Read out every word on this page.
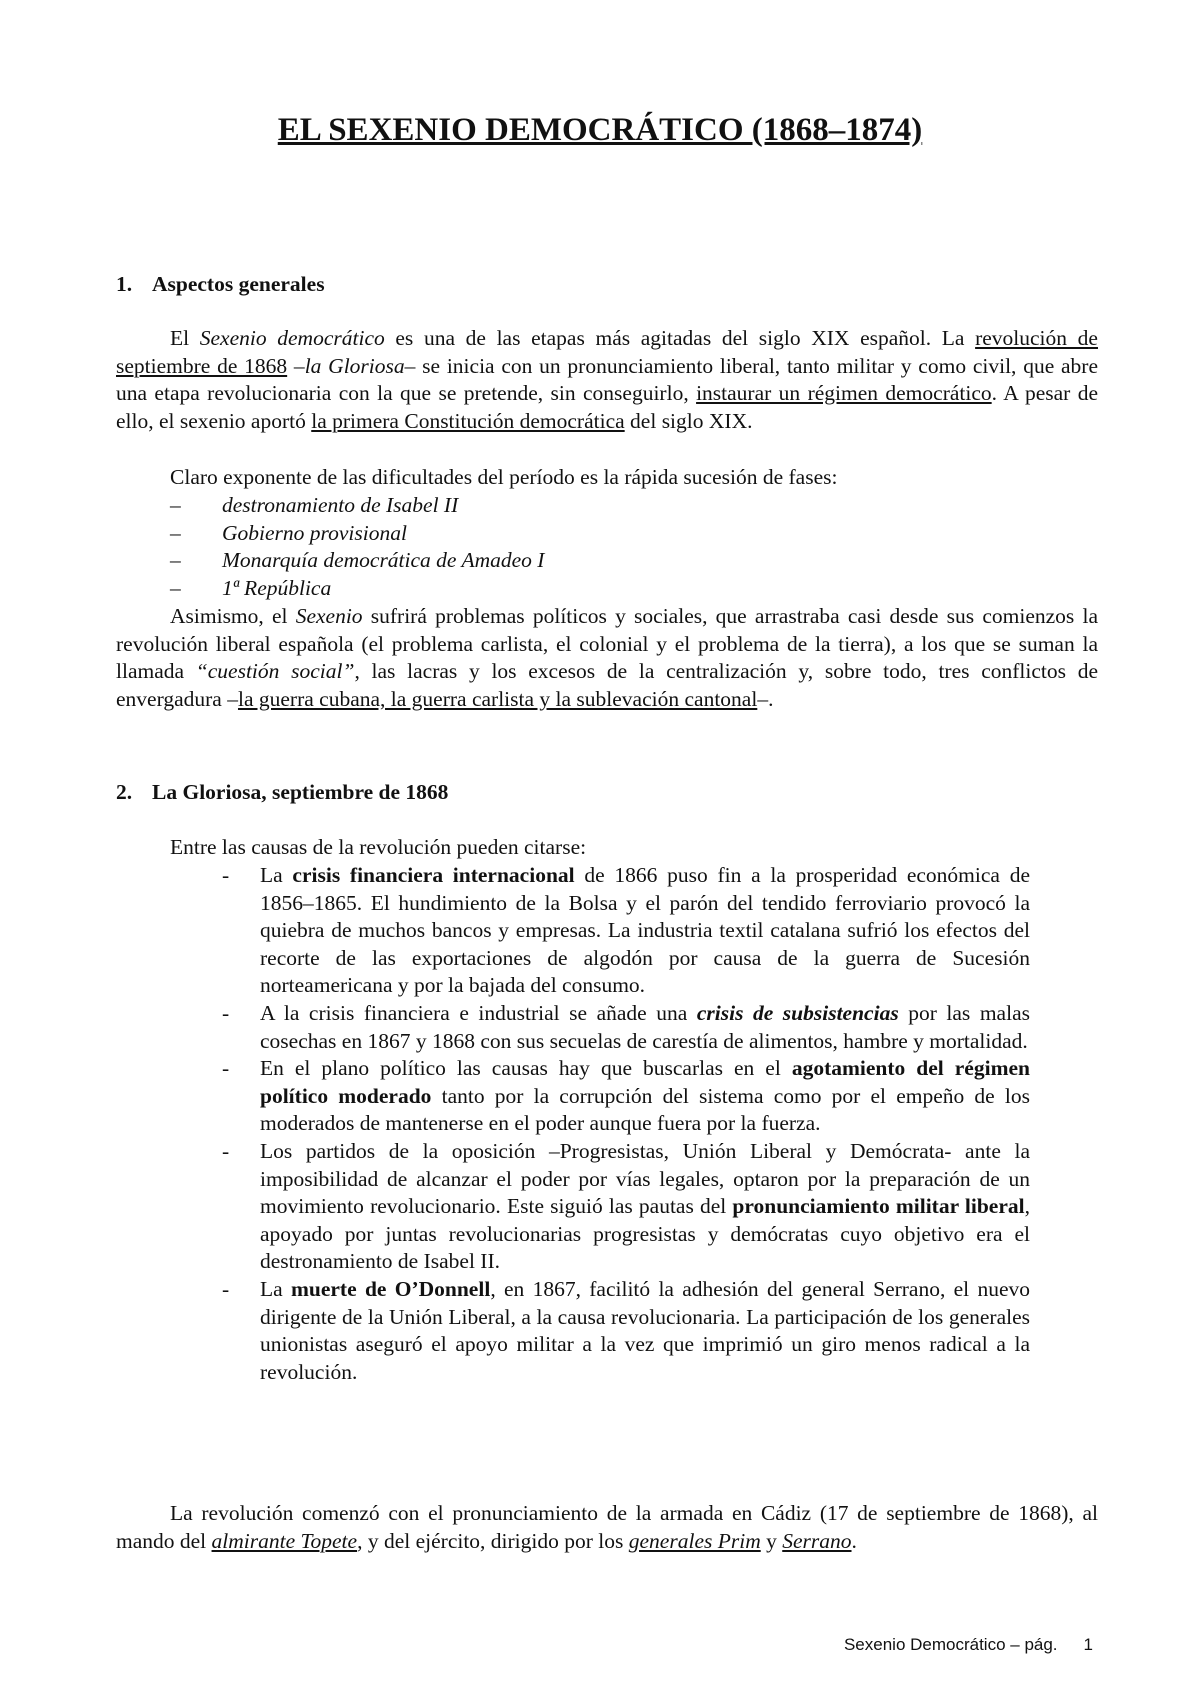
EL SEXENIO DEMOCRÁTICO (1868–1874)
1. Aspectos generales

El Sexenio democrático es una de las etapas más agitadas del siglo XIX español. La revolución de septiembre de 1868 –la Gloriosa– se inicia con un pronunciamiento liberal, tanto militar y como civil, que abre una etapa revolucionaria con la que se pretende, sin conseguirlo, instaurar un régimen democrático. A pesar de ello, el sexenio aportó la primera Constitución democrática del siglo XIX.

Claro exponente de las dificultades del período es la rápida sucesión de fases:

– destronamiento de Isabel II
– Gobierno provisional
– Monarquía democrática de Amadeo I
– 1ª República

Asimismo, el Sexenio sufrirá problemas políticos y sociales, que arrastraba casi desde sus comienzos la revolución liberal española (el problema carlista, el colonial y el problema de la tierra), a los que se suman la llamada “cuestión social”, las lacras y los excesos de la centralización y, sobre todo, tres conflictos de envergadura –la guerra cubana, la guerra carlista y la sublevación cantonal–.

2. La Gloriosa, septiembre de 1868

Entre las causas de la revolución pueden citarse:

- La crisis financiera internacional de 1866 puso fin a la prosperidad económica de 1856–1865. El hundimiento de la Bolsa y el parón del tendido ferroviario provocó la quiebra de muchos bancos y empresas. La industria textil catalana sufrió los efectos del recorte de las exportaciones de algodón por causa de la guerra de Sucesión norteamericana y por la bajada del consumo.
- A la crisis financiera e industrial se añade una crisis de subsistencias por las malas cosechas en 1867 y 1868 con sus secuelas de carestía de alimentos, hambre y mortalidad.
- En el plano político las causas hay que buscarlas en el agotamiento del régimen político moderado tanto por la corrupción del sistema como por el empeño de los moderados de mantenerse en el poder aunque fuera por la fuerza.
- Los partidos de la oposición –Progresistas, Unión Liberal y Demócrata- ante la imposibilidad de alcanzar el poder por vías legales, optaron por la preparación de un movimiento revolucionario. Este siguió las pautas del pronunciamiento militar liberal, apoyado por juntas revolucionarias progresistas y demócratas cuyo objetivo era el destronamiento de Isabel II.
- La muerte de O’Donnell, en 1867, facilitó la adhesión del general Serrano, el nuevo dirigente de la Unión Liberal, a la causa revolucionaria. La participación de los generales unionistas aseguró el apoyo militar a la vez que imprimió un giro menos radical a la revolución.

La revolución comenzó con el pronunciamiento de la armada en Cádiz (17 de septiembre de 1868), al mando del almirante Topete, y del ejército, dirigido por los generales Prim y Serrano.

Sexenio Democrático – pág. 1
